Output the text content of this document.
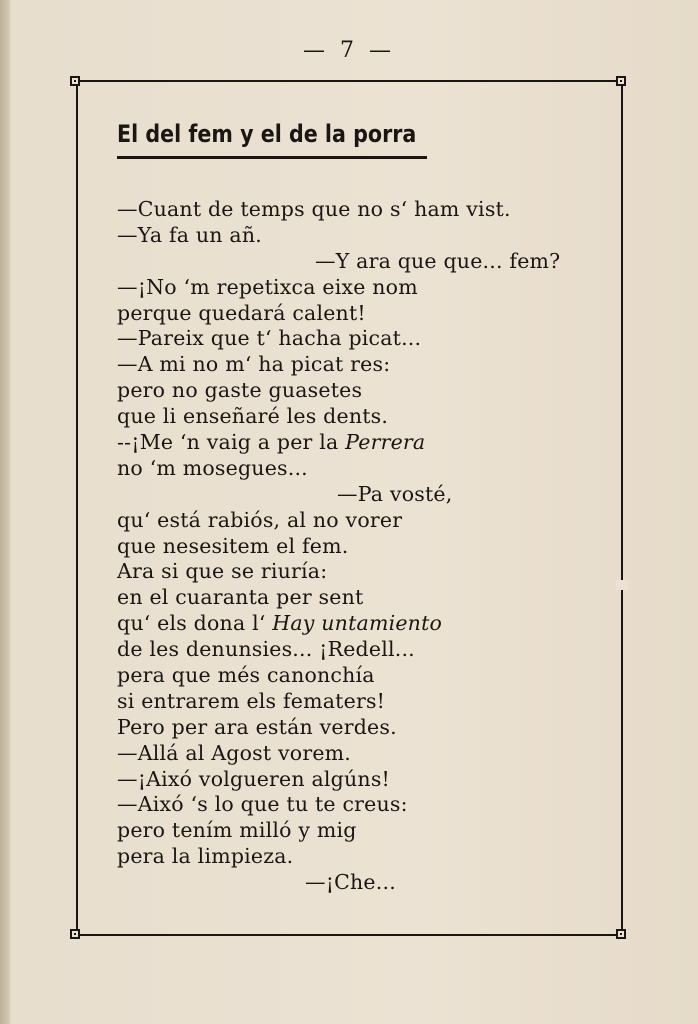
— 7 —
El del fem y el de la porra
—Cuant de temps que no s‘ ham vist.
—Ya fa un añ.
—Y ara que que... fem?
—¡No ‘m repetixca eixe nom
perque quedará calent!
—Pareix que t‘ hacha picat...
—A mi no m‘ ha picat res:
pero no gaste guasetes
que li enseñaré les dents.
--¡Me ‘n vaig a per la Perrera
no ‘m mosegues...
—Pa vosté,
qu‘ está rabiós, al no vorer
que nesesitem el fem.
Ara si que se riuría:
en el cuaranta per sent
qu‘ els dona l‘ Hay untamiento
de les denunsies... ¡Redell...
pera que més canonchía
si entrarem els fematers!
Pero per ara están verdes.
—Allá al Agost vorem.
—¡Aixó volgueren algúns!
—Aixó ‘s lo que tu te creus:
pero tením milló y mig
pera la limpieza.
—¡Che...
